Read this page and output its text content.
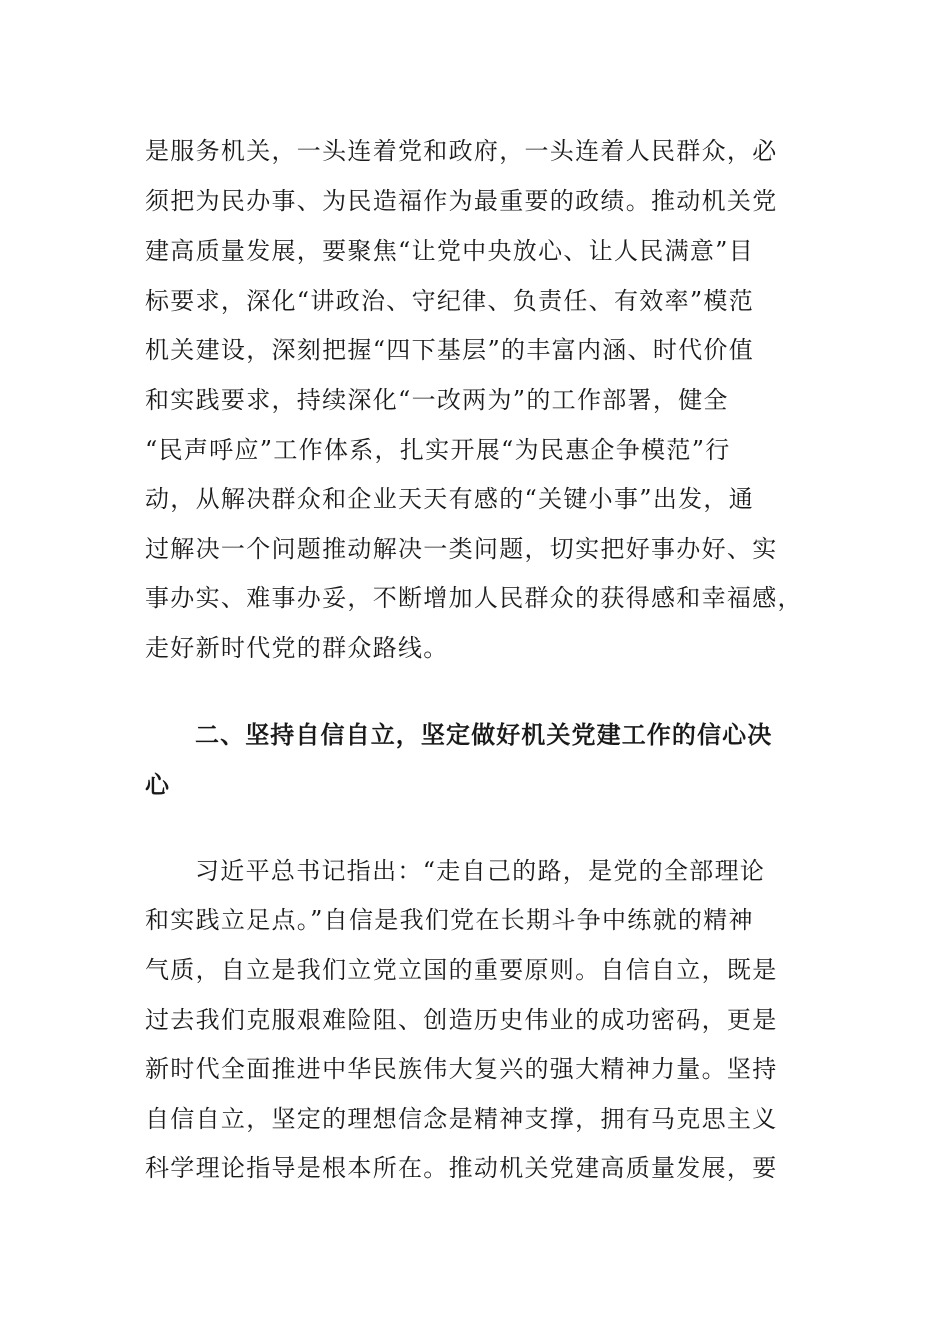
是服务机关，一头连着党和政府，一头连着人民群众，必
须把为民办事、为民造福作为最重要的政绩。推动机关党
建高质量发展，要聚焦“让党中央放心、让人民满意”目
标要求，深化“讲政治、守纪律、负责任、有效率”模范
机关建设，深刻把握“四下基层”的丰富内涵、时代价值
和实践要求，持续深化“一改两为”的工作部署，健全
“民声呼应”工作体系，扎实开展“为民惠企争模范”行
动，从解决群众和企业天天有感的“关键小事”出发，通
过解决一个问题推动解决一类问题，切实把好事办好、实
事办实、难事办妥，不断增加人民群众的获得感和幸福感，
走好新时代党的群众路线。
二、坚持自信自立，坚定做好机关党建工作的信心决
心
习近平总书记指出：“走自己的路，是党的全部理论
和实践立足点。”自信是我们党在长期斗争中练就的精神
气质，自立是我们立党立国的重要原则。自信自立，既是
过去我们克服艰难险阻、创造历史伟业的成功密码，更是
新时代全面推进中华民族伟大复兴的强大精神力量。坚持
自信自立，坚定的理想信念是精神支撑，拥有马克思主义
科学理论指导是根本所在。推动机关党建高质量发展，要
